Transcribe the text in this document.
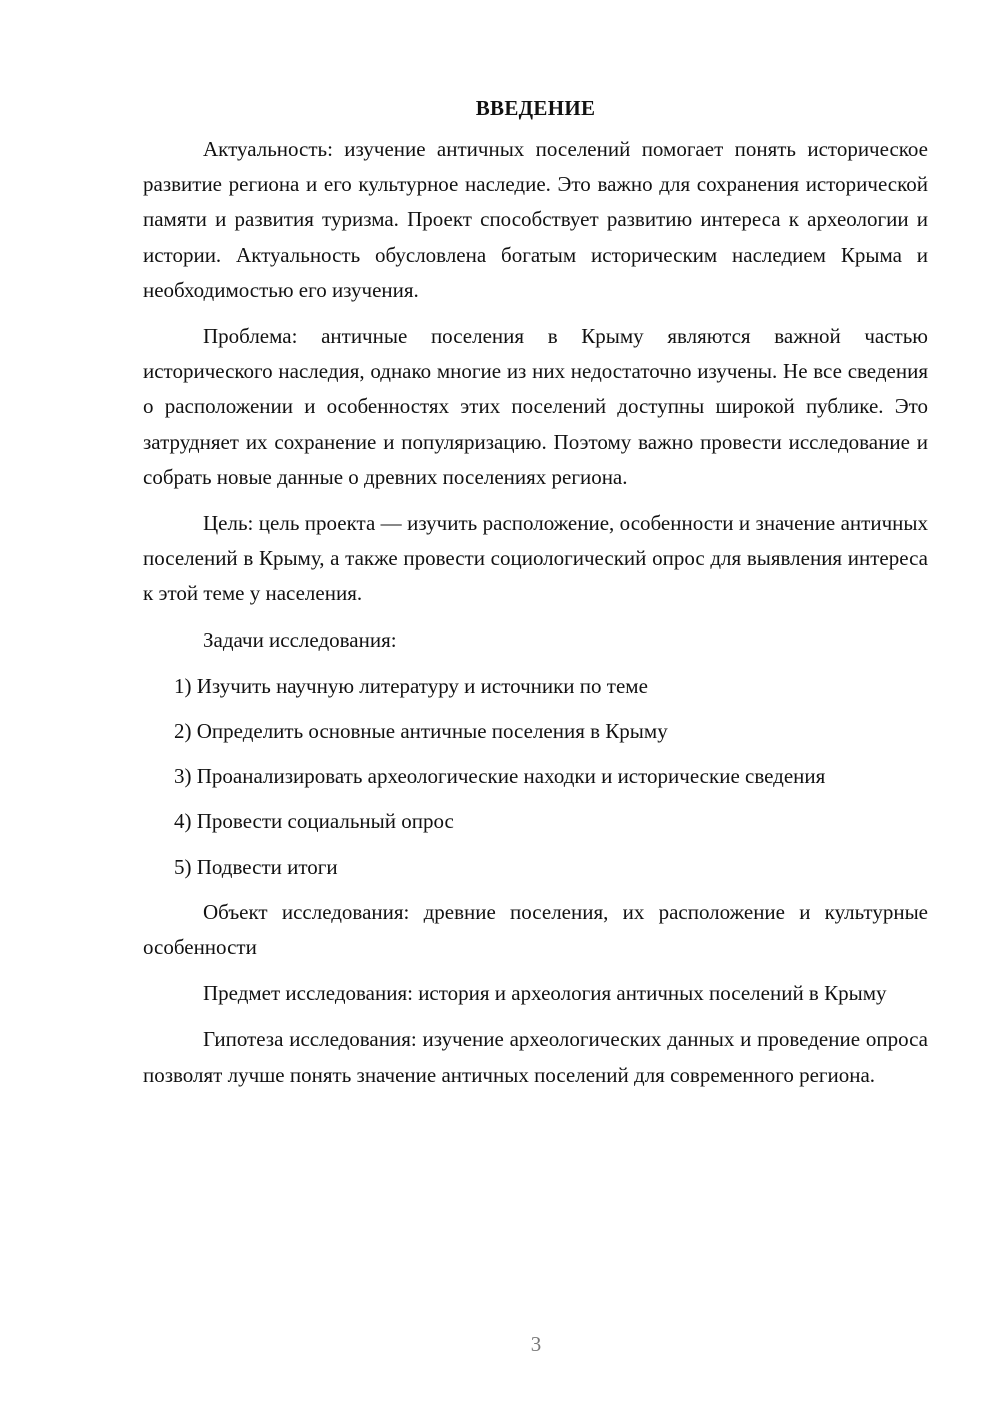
ВВЕДЕНИЕ

Актуальность: изучение античных поселений помогает понять историческое развитие региона и его культурное наследие. Это важно для сохранения исторической памяти и развития туризма. Проект способствует развитию интереса к археологии и истории. Актуальность обусловлена богатым историческим наследием Крыма и необходимостью его изучения.

Проблема: античные поселения в Крыму являются важной частью исторического наследия, однако многие из них недостаточно изучены. Не все сведения о расположении и особенностях этих поселений доступны широкой публике. Это затрудняет их сохранение и популяризацию. Поэтому важно провести исследование и собрать новые данные о древних поселениях региона.

Цель: цель проекта — изучить расположение, особенности и значение античных поселений в Крыму, а также провести социологический опрос для выявления интереса к этой теме у населения.

Задачи исследования:

1) Изучить научную литературу и источники по теме

2) Определить основные античные поселения в Крыму

3) Проанализировать археологические находки и исторические сведения

4) Провести социальный опрос

5) Подвести итоги

Объект исследования: древние поселения, их расположение и культурные особенности

Предмет исследования: история и археология античных поселений в Крыму

Гипотеза исследования: изучение археологических данных и проведение опроса позволят лучше понять значение античных поселений для современного региона.

3
